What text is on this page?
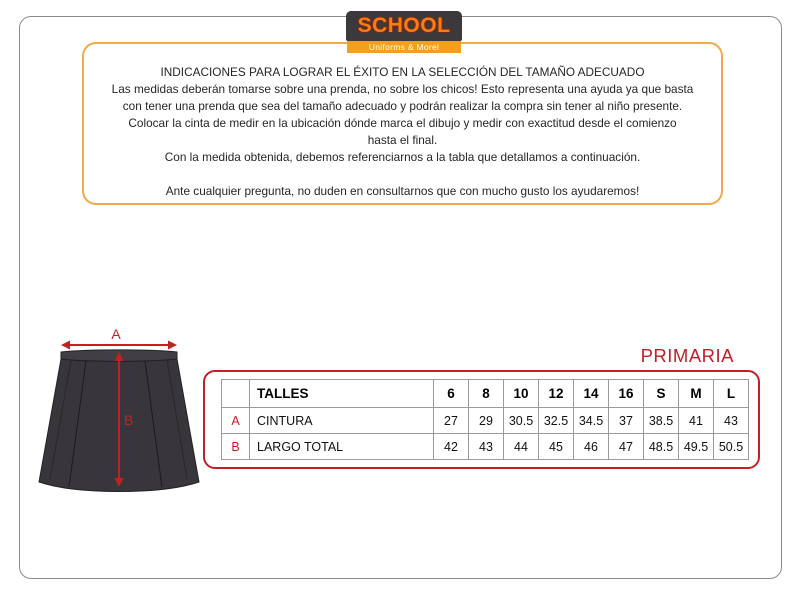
SCHOOL
Uniforms & Morel
INDICACIONES PARA LOGRAR EL ÉXITO EN LA SELECCIÓN DEL TAMAÑO ADECUADO
Las medidas deberán tomarse sobre una prenda, no sobre los chicos! Esto representa una ayuda ya que basta
con tener una prenda que sea del tamaño adecuado y podrán realizar la compra sin tener al niño presente.
Colocar la cinta de medir en la ubicación dónde marca el dibujo y medir con exactitud desde el comienzo
hasta el final.
Con la medida obtenida, debemos referenciarnos a la tabla que detallamos a continuación.
Ante cualquier pregunta, no duden en consultarnos que con mucho gusto los ayudaremos!
A
B
PRIMARIA
	TALLES	6	8	10	12	14	16	S	M	L
A	CINTURA	27	29	30.5	32.5	34.5	37	38.5	41	43
B	LARGO TOTAL	42	43	44	45	46	47	48.5	49.5	50.5
